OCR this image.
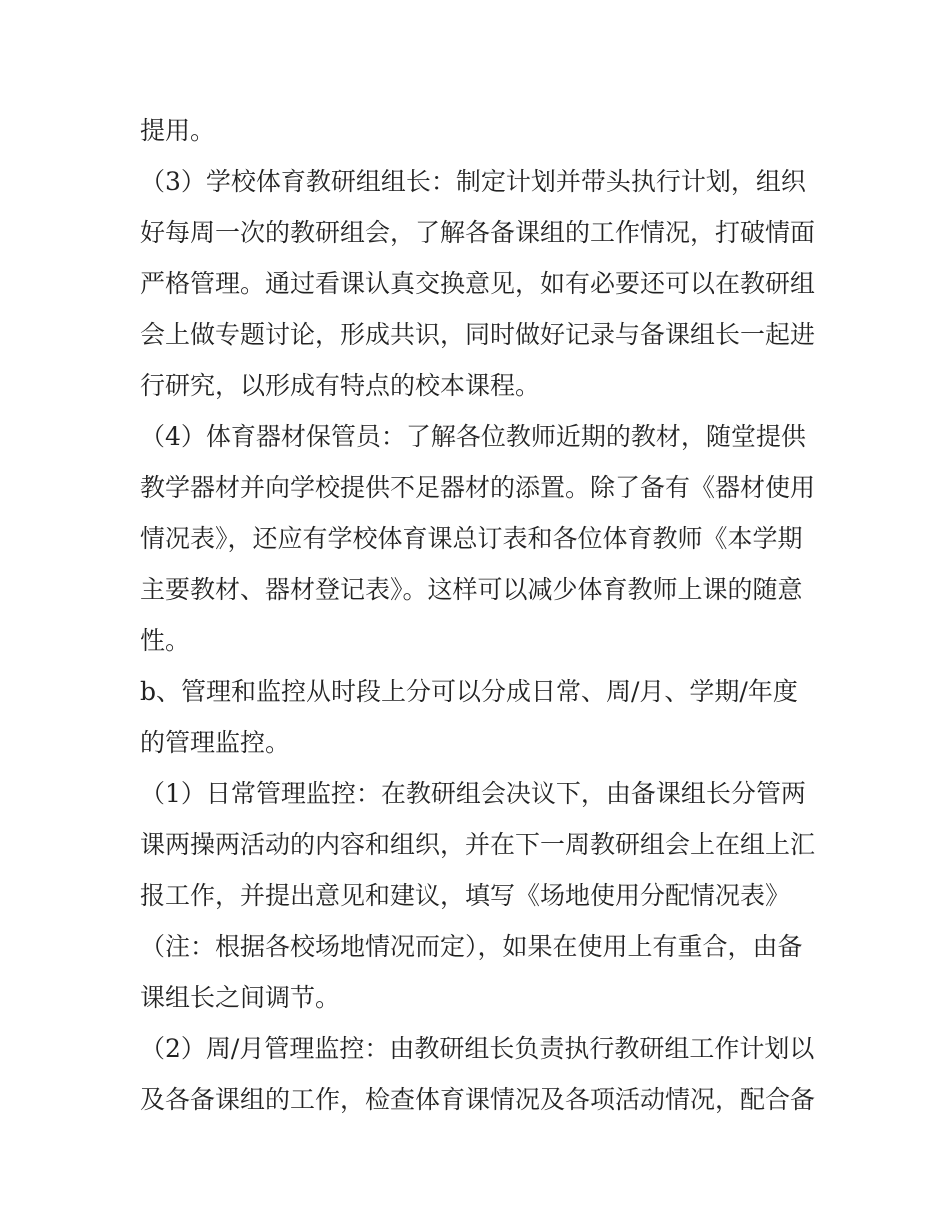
提用。
（3）学校体育教研组组长：制定计划并带头执行计划，组织
好每周一次的教研组会，了解各备课组的工作情况，打破情面
严格管理。通过看课认真交换意见，如有必要还可以在教研组
会上做专题讨论，形成共识，同时做好记录与备课组长一起进
行研究，以形成有特点的校本课程。
（4）体育器材保管员：了解各位教师近期的教材，随堂提供
教学器材并向学校提供不足器材的添置。除了备有《器材使用
情况表》，还应有学校体育课总订表和各位体育教师《本学期
主要教材、器材登记表》。这样可以减少体育教师上课的随意
性。
b、管理和监控从时段上分可以分成日常、周/月、学期/年度
的管理监控。
（1）日常管理监控：在教研组会决议下，由备课组长分管两
课两操两活动的内容和组织，并在下一周教研组会上在组上汇
报工作，并提出意见和建议，填写《场地使用分配情况表》
（注：根据各校场地情况而定），如果在使用上有重合，由备
课组长之间调节。
（2）周/月管理监控：由教研组长负责执行教研组工作计划以
及各备课组的工作，检查体育课情况及各项活动情况，配合备
